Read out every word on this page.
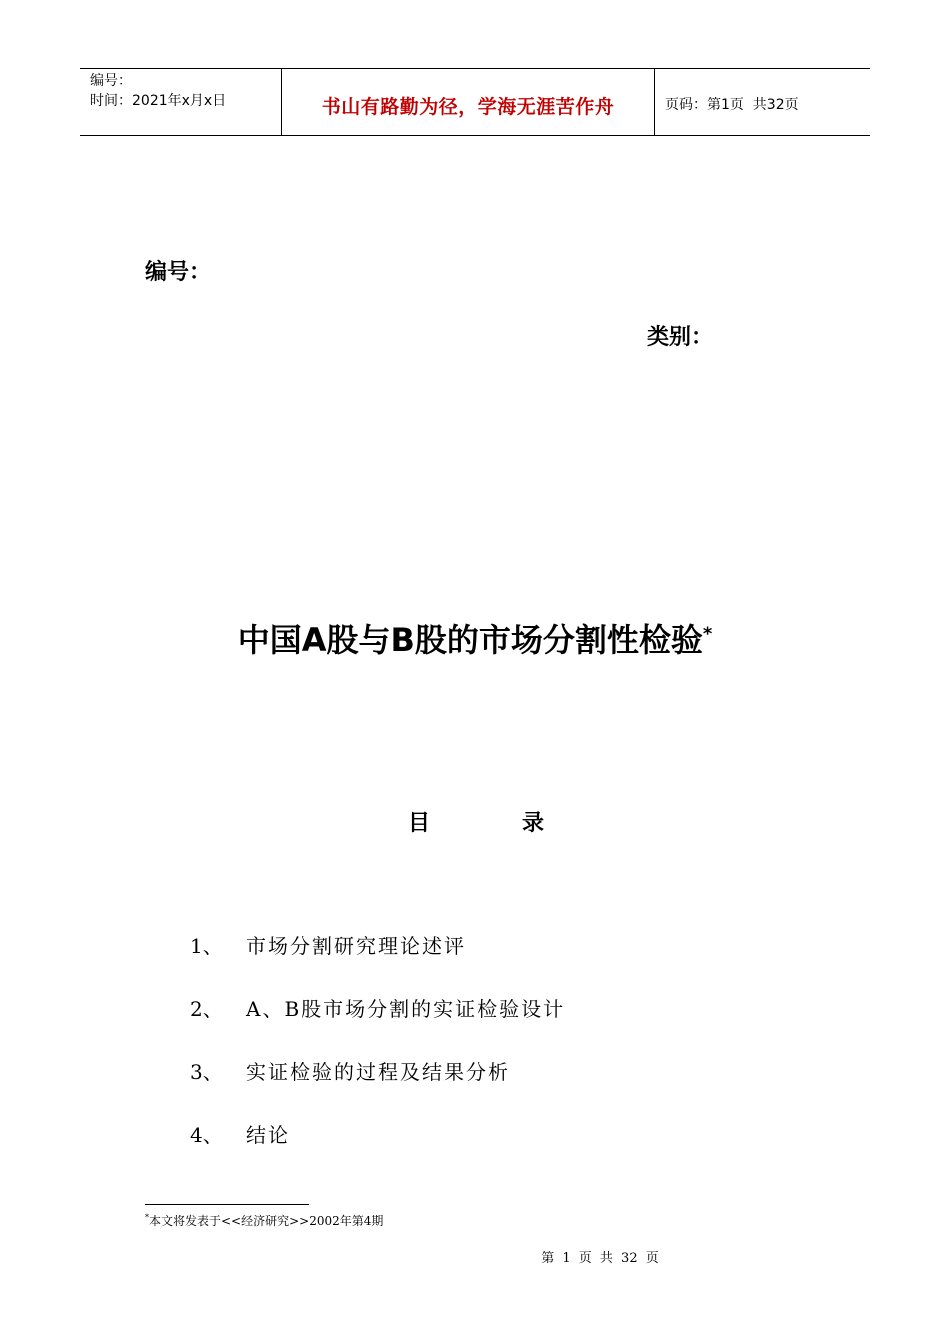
编号：
时间：2021年x月x日	书山有路勤为径，学海无涯苦作舟	页码：第1页  共32页
编号：
类别：
中国A股与B股的市场分割性检验*
目	录
1、	市场分割研究理论述评
2、	A、B股市场分割的实证检验设计
3、	实证检验的过程及结果分析
4、	结论
*本文将发表于<<经济研究>>2002年第4期
第 1 页 共 32 页
